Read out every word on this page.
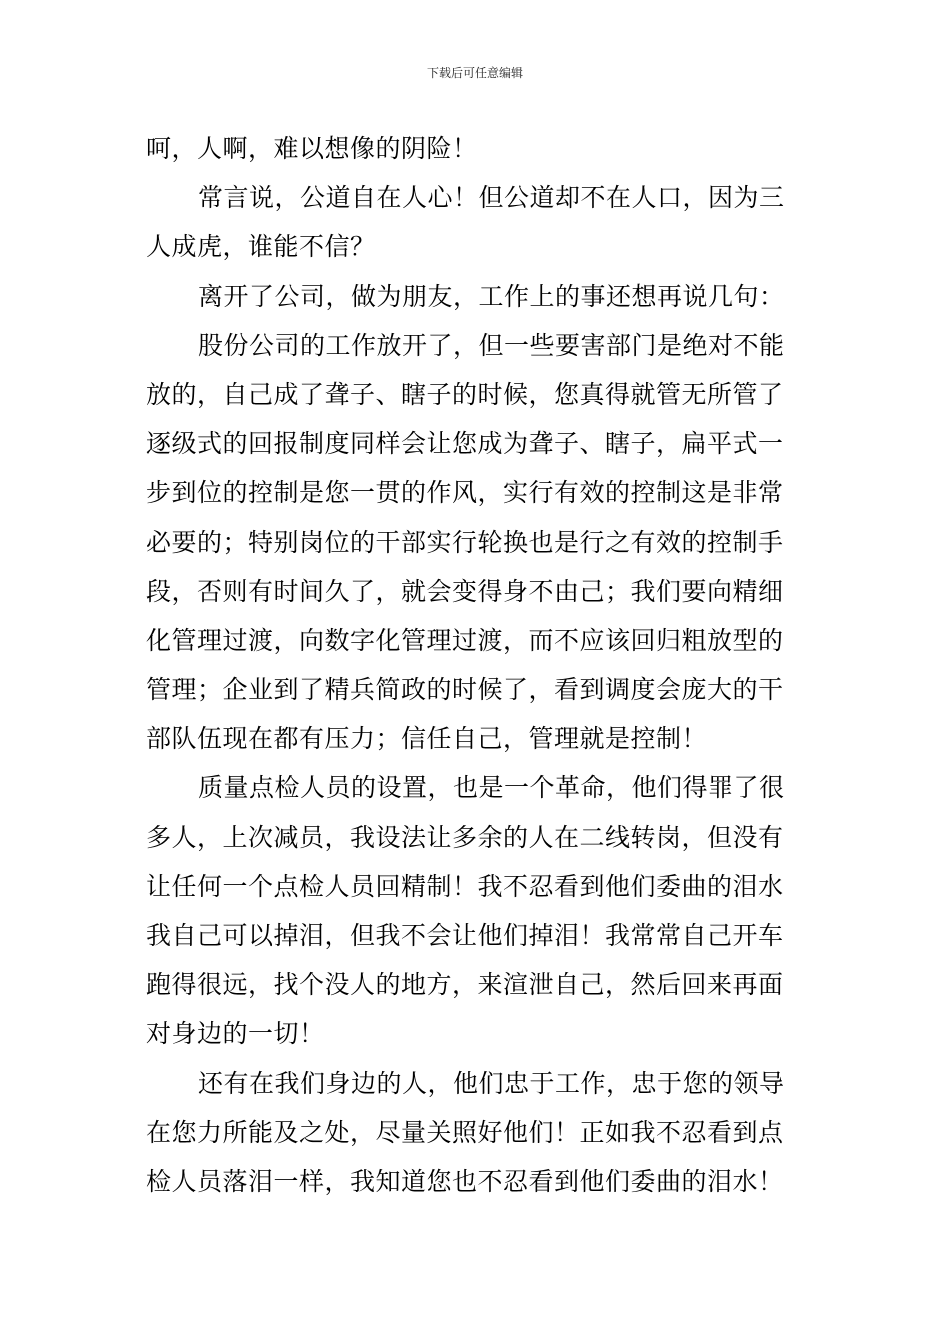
下载后可任意编辑

呵，人啊，难以想像的阴险！

常言说，公道自在人心！但公道却不在人口，因为三
人成虎，谁能不信？

离开了公司，做为朋友，工作上的事还想再说几句：

股份公司的工作放开了，但一些要害部门是绝对不能
放的，自己成了聋子、瞎子的时候，您真得就管无所管了
逐级式的回报制度同样会让您成为聋子、瞎子，扁平式一
步到位的控制是您一贯的作风，实行有效的控制这是非常
必要的；特别岗位的干部实行轮换也是行之有效的控制手
段，否则有时间久了，就会变得身不由己；我们要向精细
化管理过渡，向数字化管理过渡，而不应该回归粗放型的
管理；企业到了精兵简政的时候了，看到调度会庞大的干
部队伍现在都有压力；信任自己，管理就是控制！

质量点检人员的设置，也是一个革命，他们得罪了很
多人，上次减员，我设法让多余的人在二线转岗，但没有
让任何一个点检人员回精制！我不忍看到他们委曲的泪水
我自己可以掉泪，但我不会让他们掉泪！我常常自己开车
跑得很远，找个没人的地方，来渲泄自己，然后回来再面
对身边的一切！

还有在我们身边的人，他们忠于工作，忠于您的领导
在您力所能及之处，尽量关照好他们！正如我不忍看到点
检人员落泪一样，我知道您也不忍看到他们委曲的泪水！
